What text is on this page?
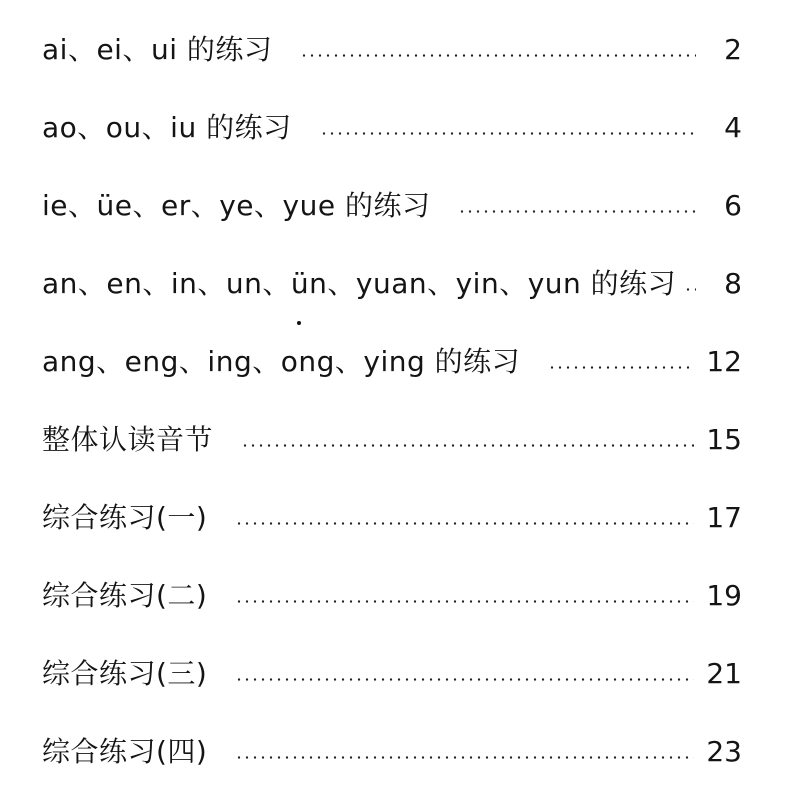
ai、ei、ui 的练习	2
ao、ou、iu 的练习	4
ie、üe、er、ye、yue 的练习	6
an、en、in、un、ün、yuan、yin、yun 的练习	8
ang、eng、ing、ong、ying 的练习	12
整体认读音节	15
综合练习(一)	17
综合练习(二)	19
综合练习(三)	21
综合练习(四)	23
